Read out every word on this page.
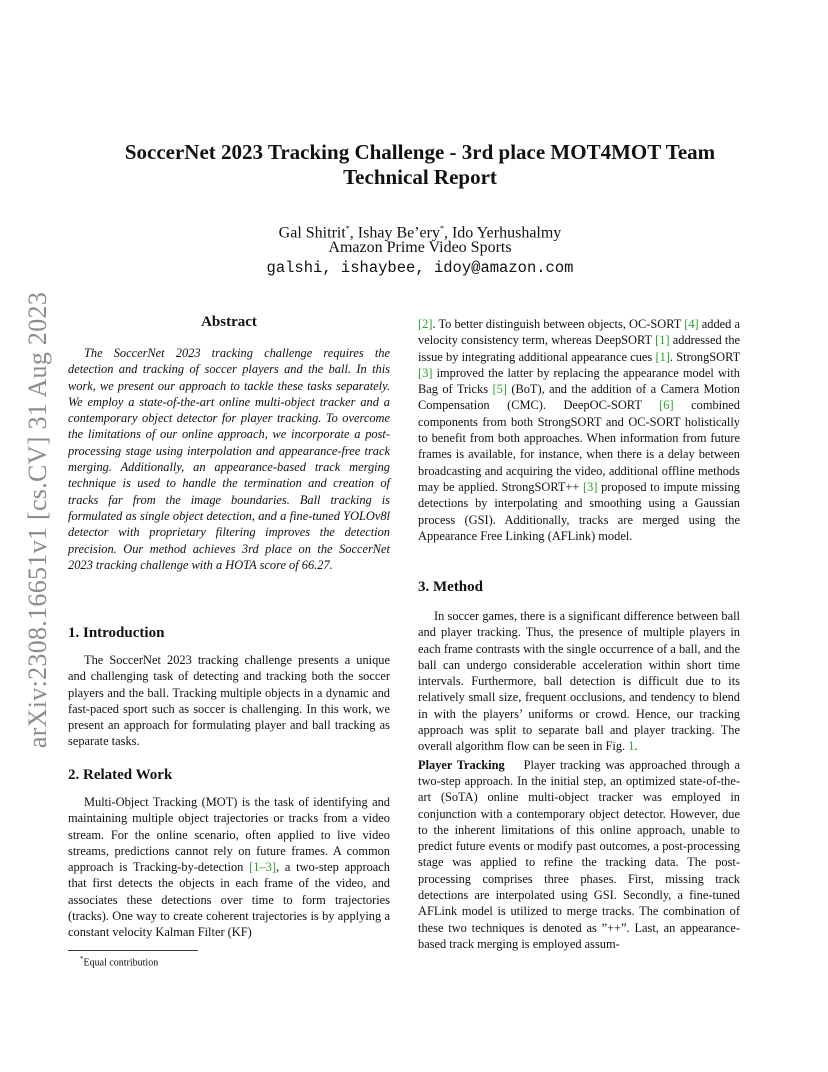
arXiv:2308.16651v1 [cs.CV] 31 Aug 2023
SoccerNet 2023 Tracking Challenge - 3rd place MOT4MOT Team Technical Report
Gal Shitrit*, Ishay Be’ery*, Ido Yerhushalmy
Amazon Prime Video Sports
galshi, ishaybee, idoy@amazon.com
Abstract

The SoccerNet 2023 tracking challenge requires the detection and tracking of soccer players and the ball. In this work, we present our approach to tackle these tasks separately. We employ a state-of-the-art online multi-object tracker and a contemporary object detector for player tracking. To overcome the limitations of our online approach, we incorporate a post-processing stage using interpolation and appearance-free track merging. Additionally, an appearance-based track merging technique is used to handle the termination and creation of tracks far from the image boundaries. Ball tracking is formulated as single object detection, and a fine-tuned YOLOv8l detector with proprietary filtering improves the detection precision. Our method achieves 3rd place on the SoccerNet 2023 tracking challenge with a HOTA score of 66.27.

1. Introduction

The SoccerNet 2023 tracking challenge presents a unique and challenging task of detecting and tracking both the soccer players and the ball. Tracking multiple objects in a dynamic and fast-paced sport such as soccer is challenging. In this work, we present an approach for formulating player and ball tracking as separate tasks.

2. Related Work

Multi-Object Tracking (MOT) is the task of identifying and maintaining multiple object trajectories or tracks from a video stream. For the online scenario, often applied to live video streams, predictions cannot rely on future frames. A common approach is Tracking-by-detection [1–3], a two-step approach that first detects the objects in each frame of the video, and associates these detections over time to form trajectories (tracks). One way to create coherent trajectories is by applying a constant velocity Kalman Filter (KF)

*Equal contribution

[2]. To better distinguish between objects, OC-SORT [4] added a velocity consistency term, whereas DeepSORT [1] addressed the issue by integrating additional appearance cues [1]. StrongSORT [3] improved the latter by replacing the appearance model with Bag of Tricks [5] (BoT), and the addition of a Camera Motion Compensation (CMC). DeepOC-SORT [6] combined components from both StrongSORT and OC-SORT holistically to benefit from both approaches. When information from future frames is available, for instance, when there is a delay between broadcasting and acquiring the video, additional offline methods may be applied. StrongSORT++ [3] proposed to impute missing detections by interpolating and smoothing using a Gaussian process (GSI). Additionally, tracks are merged using the Appearance Free Linking (AFLink) model.

3. Method

In soccer games, there is a significant difference between ball and player tracking. Thus, the presence of multiple players in each frame contrasts with the single occurrence of a ball, and the ball can undergo considerable acceleration within short time intervals. Furthermore, ball detection is difficult due to its relatively small size, frequent occlusions, and tendency to blend in with the players’ uniforms or crowd. Hence, our tracking approach was split to separate ball and player tracking. The overall algorithm flow can be seen in Fig. 1.

Player Tracking Player tracking was approached through a two-step approach. In the initial step, an optimized state-of-the-art (SoTA) online multi-object tracker was employed in conjunction with a contemporary object detector. However, due to the inherent limitations of this online approach, unable to predict future events or modify past outcomes, a post-processing stage was applied to refine the tracking data. The post-processing comprises three phases. First, missing track detections are interpolated using GSI. Secondly, a fine-tuned AFLink model is utilized to merge tracks. The combination of these two techniques is denoted as ”++”. Last, an appearance-based track merging is employed assum-
